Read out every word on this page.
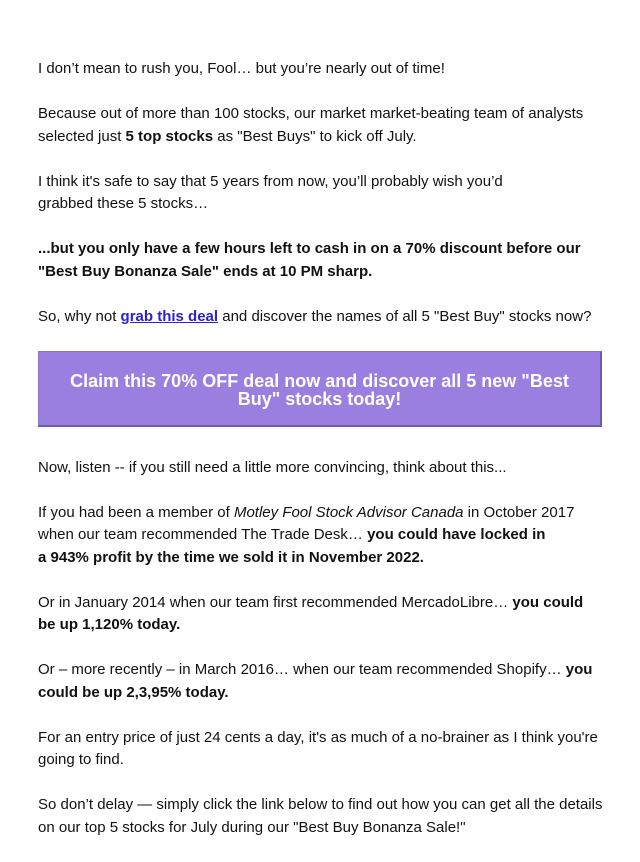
I don’t mean to rush you, Fool… but you’re nearly out of time!

Because out of more than 100 stocks, our market market-beating team of analysts selected just 5 top stocks as "Best Buys" to kick off July.

I think it's safe to say that 5 years from now, you’ll probably wish you’d
grabbed these 5 stocks…

...but you only have a few hours left to cash in on a 70% discount before our "Best Buy Bonanza Sale" ends at 10 PM sharp.

So, why not grab this deal and discover the names of all 5 "Best Buy" stocks now?

Claim this 70% OFF deal now and discover all 5 new "Best Buy" stocks today!

Now, listen -- if you still need a little more convincing, think about this...

If you had been a member of Motley Fool Stock Advisor Canada in October 2017 when our team recommended The Trade Desk… you could have locked in
a 943% profit by the time we sold it in November 2022.

Or in January 2014 when our team first recommended MercadoLibre… you could be up 1,120% today.

Or – more recently – in March 2016… when our team recommended Shopify… you could be up 2,3,95% today.

For an entry price of just 24 cents a day, it's as much of a no-brainer as I think you're going to find.

So don’t delay — simply click the link below to find out how you can get all the details on our top 5 stocks for July during our "Best Buy Bonanza Sale!"
